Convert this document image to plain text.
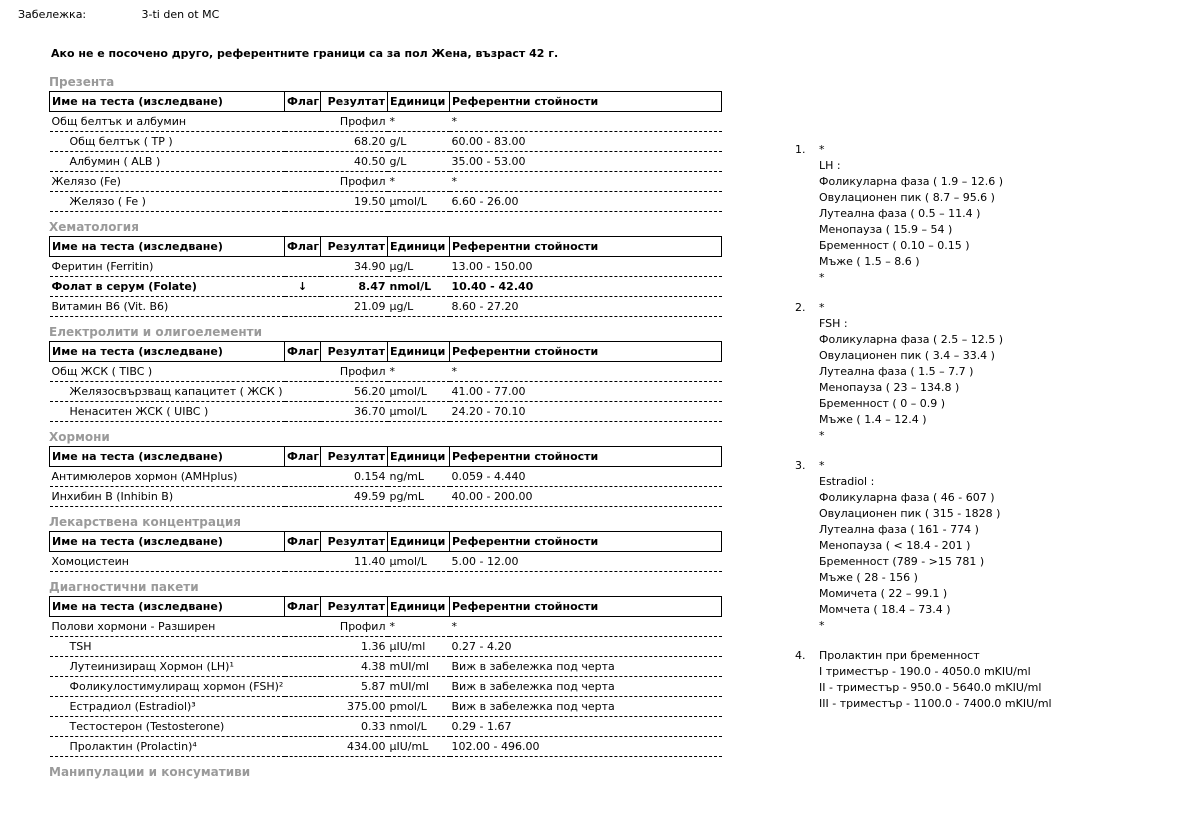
Забележка:	3-ti den ot MC
Ако не е посочено друго, референтните граници са за пол Жена, възраст 42 г.
Презента
Име на теста (изследване)	Флаг	Резултат	Единици	Референтни стойности
Общ белтък и албумин		Профил	*	*
Общ белтък ( TP )		68.20	g/L	60.00 - 83.00
Албумин ( ALB )		40.50	g/L	35.00 - 53.00
Желязо (Fe)		Профил	*	*
Желязо ( Fe )		19.50	µmol/L	6.60 - 26.00
Хематология
Име на теста (изследване)	Флаг	Резултат	Единици	Референтни стойности
Феритин (Ferritin)		34.90	µg/L	13.00 - 150.00
Фолат в серум (Folate)	↓	8.47	nmol/L	10.40 - 42.40
Витамин B6 (Vit. B6)		21.09	µg/L	8.60 - 27.20
Електролити и олигоелементи
Име на теста (изследване)	Флаг	Резултат	Единици	Референтни стойности
Общ ЖСК ( TIBC )		Профил	*	*
Желязосвързващ капацитет ( ЖСК )		56.20	µmol/L	41.00 - 77.00
Ненаситен ЖСК ( UIBC )		36.70	µmol/L	24.20 - 70.10
Хормони
Име на теста (изследване)	Флаг	Резултат	Единици	Референтни стойности
Антимюлеров хормон (AMHplus)		0.154	ng/mL	0.059 - 4.440
Инхибин B (Inhibin B)		49.59	pg/mL	40.00 - 200.00
Лекарствена концентрация
Име на теста (изследване)	Флаг	Резултат	Единици	Референтни стойности
Хомоцистеин		11.40	µmol/L	5.00 - 12.00
Диагностични пакети
Име на теста (изследване)	Флаг	Резултат	Единици	Референтни стойности
Полови хормони - Разширен		Профил	*	*
TSH		1.36	µIU/ml	0.27 - 4.20
Лутеинизиращ Хормон (LH)¹		4.38	mUI/ml	Виж в забележка под черта
Фоликулостимулиращ хормон (FSH)²		5.87	mUI/ml	Виж в забележка под черта
Естрадиол (Estradiol)³		375.00	pmol/L	Виж в забележка под черта
Тестостерон (Testosterone)		0.33	nmol/L	0.29 - 1.67
Пролактин (Prolactin)⁴		434.00	µIU/mL	102.00 - 496.00
Манипулации и консумативи
1. *
LH :
Фоликуларна фаза ( 1.9 – 12.6 )
Овулационен пик ( 8.7 – 95.6 )
Лутеална фаза ( 0.5 – 11.4 )
Менопауза ( 15.9 – 54 )
Бременност ( 0.10 – 0.15 )
Мъже ( 1.5 – 8.6 )
*
2. *
FSH :
Фоликуларна фаза ( 2.5 – 12.5 )
Овулационен пик ( 3.4 – 33.4 )
Лутеална фаза ( 1.5 – 7.7 )
Менопауза ( 23 – 134.8 )
Бременност ( 0 – 0.9 )
Мъже ( 1.4 – 12.4 )
*
3. *
Estradiol :
Фоликуларна фаза ( 46 - 607 )
Овулационен пик ( 315 - 1828 )
Лутеална фаза ( 161 - 774 )
Менопауза ( < 18.4 - 201 )
Бременност (789 - >15 781 )
Мъже ( 28 - 156 )
Момичета ( 22 – 99.1 )
Момчета ( 18.4 – 73.4 )
*
4. Пролактин при бременност
I триместър - 190.0 - 4050.0 mKIU/ml
II - триместър - 950.0 - 5640.0 mKIU/ml
III - триместър - 1100.0 - 7400.0 mKIU/ml
